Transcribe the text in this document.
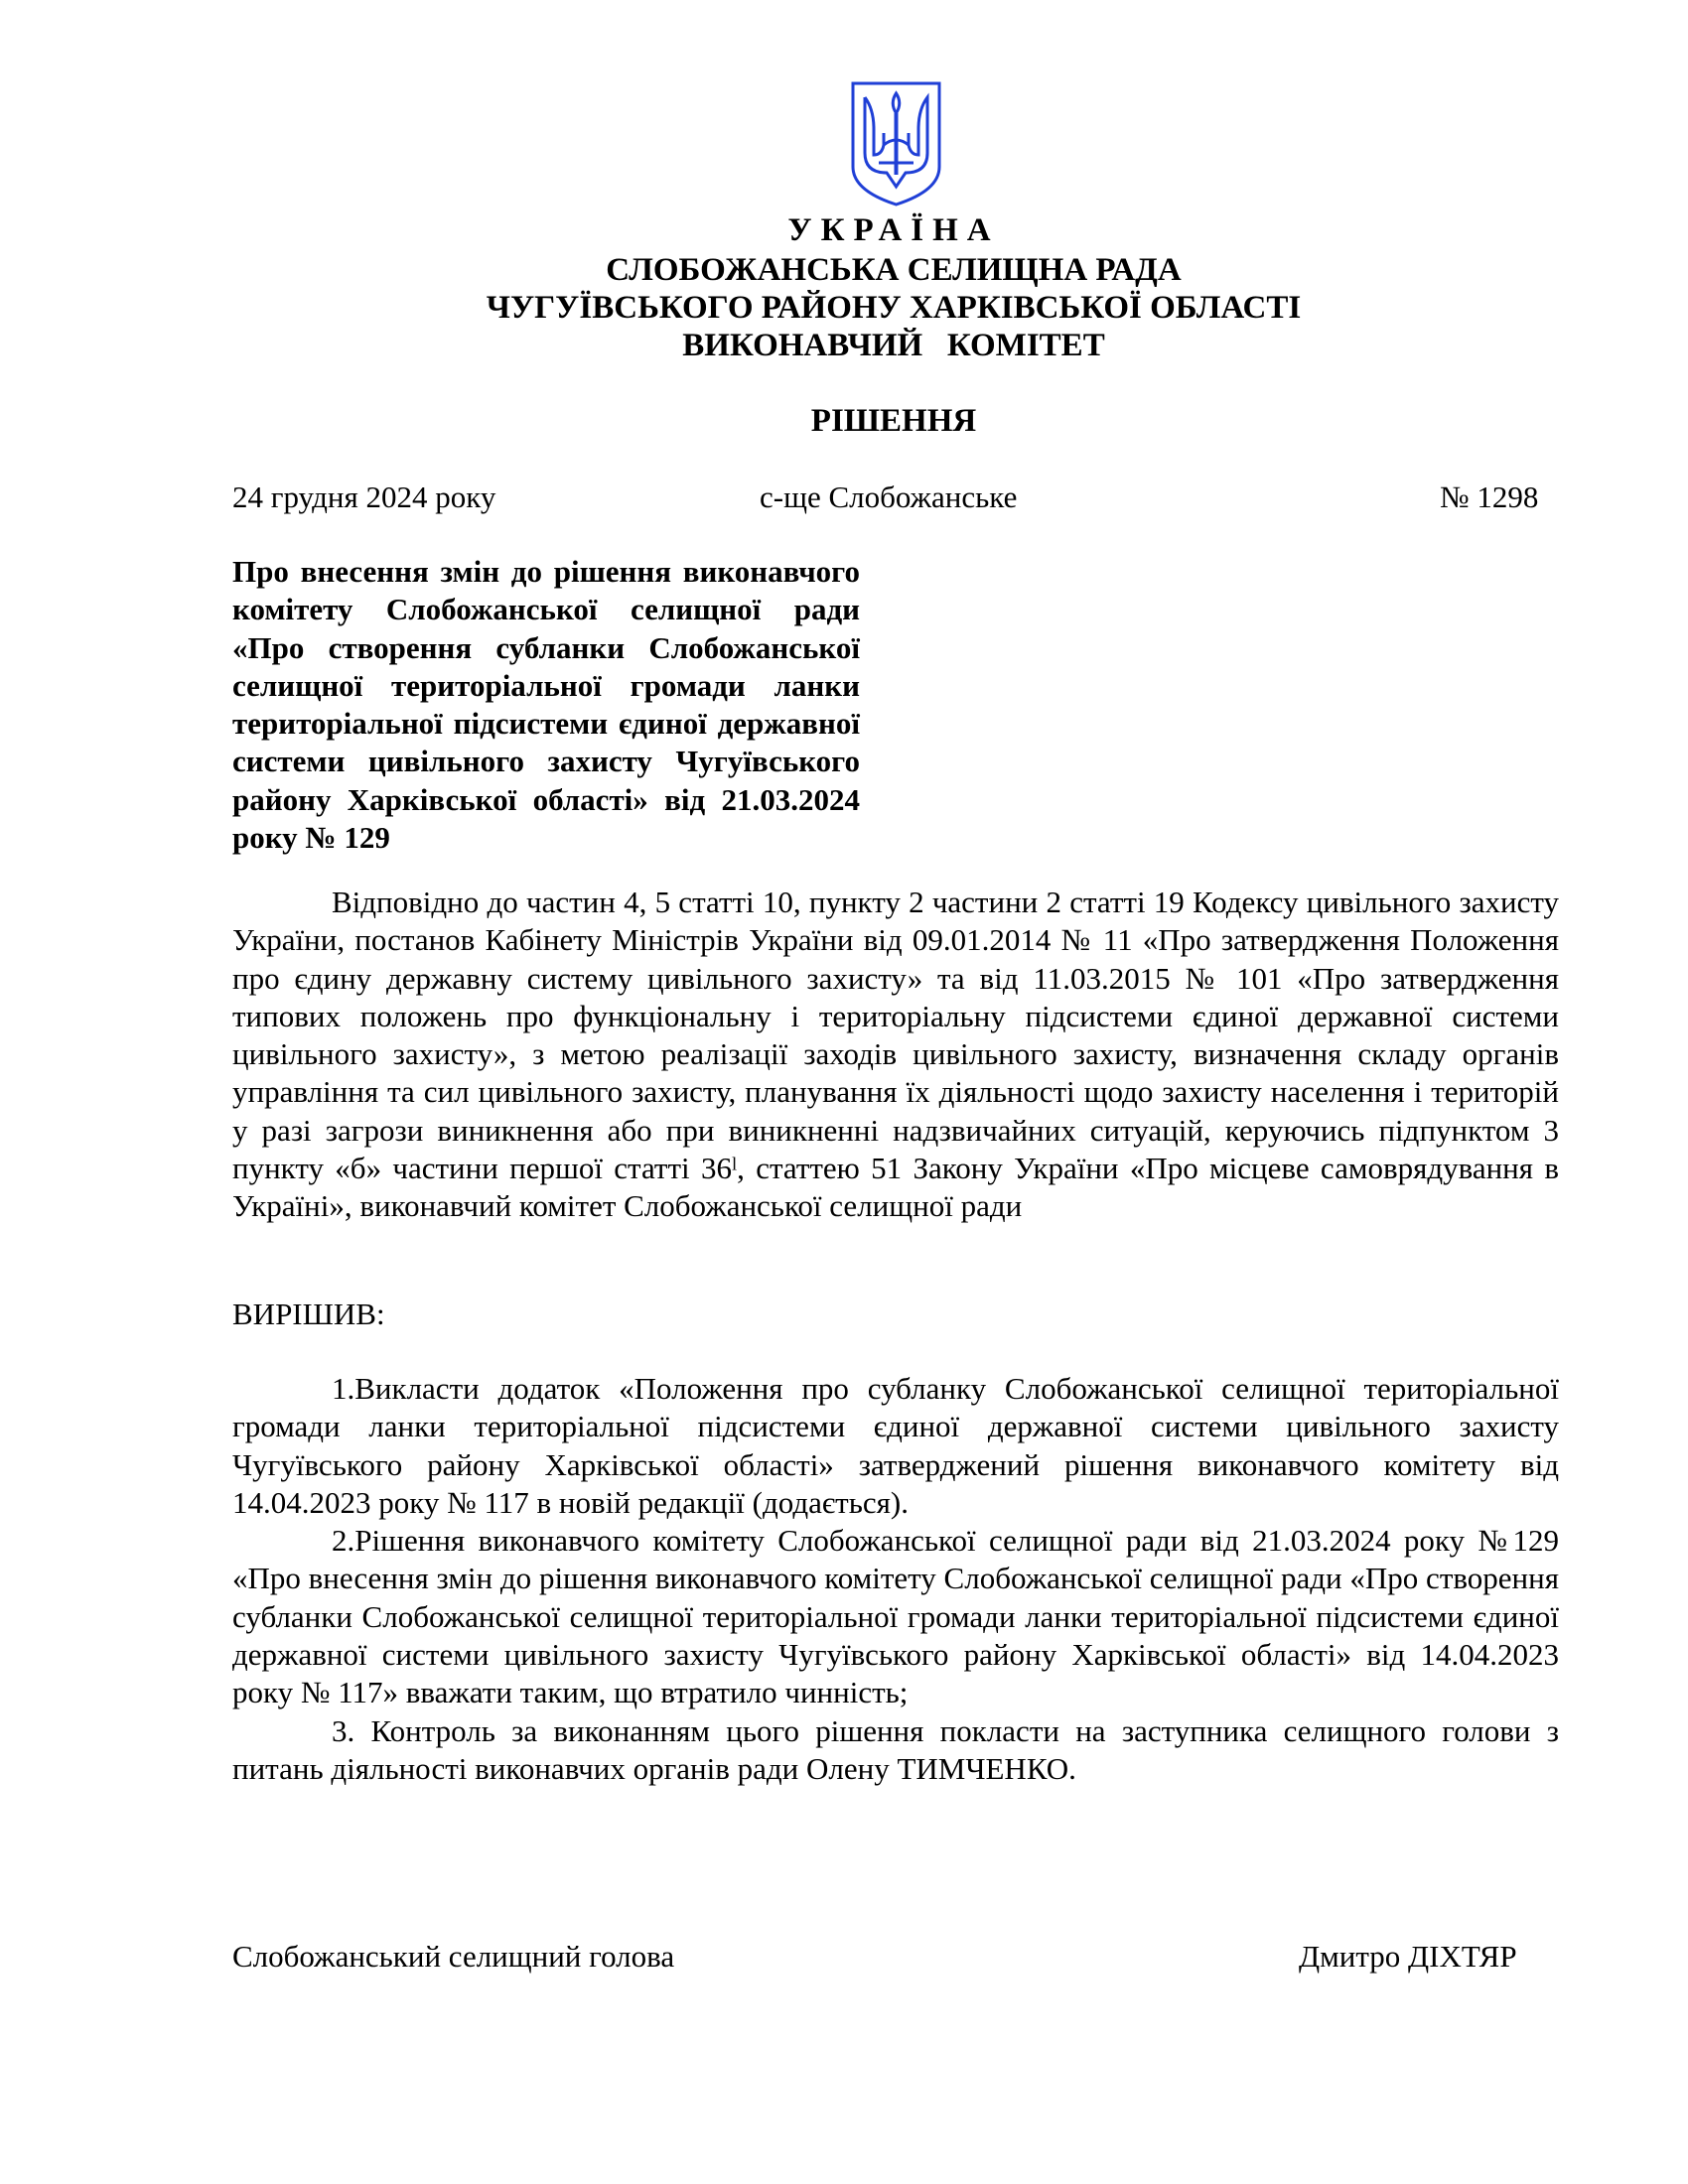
УКРАЇНА
СЛОБОЖАНСЬКА СЕЛИЩНА РАДА
ЧУГУЇВСЬКОГО РАЙОНУ ХАРКІВСЬКОЇ ОБЛАСТІ
ВИКОНАВЧИЙ   КОМІТЕТ
РІШЕННЯ
24 грудня 2024 року	с-ще Слобожанське	№ 1298
Про внесення змін до рішення виконавчого комітету Слобожанської селищної ради «Про створення субланки Слобожанської селищної територіальної громади ланки територіальної підсистеми єдиної державної системи цивільного захисту Чугуївського району Харківської області» від 21.03.2024 року № 129

Відповідно до частин 4, 5 статті 10, пункту 2 частини 2 статті 19 Кодексу цивільного захисту України, постанов Кабінету Міністрів України від 09.01.2014 № 11 «Про затвердження Положення про єдину державну систему цивільного захисту» та від 11.03.2015 № 101 «Про затвердження типових положень про функціональну і територіальну підсистеми єдиної державної системи цивільного захисту», з метою реалізації заходів цивільного захисту, визначення складу органів управління та сил цивільного захисту, планування їх діяльності щодо захисту населення і територій у разі загрози виникнення або при виникненні надзвичайних ситуацій, керуючись підпунктом 3 пункту «б» частини першої статті 36ˡ, статтею 51 Закону України «Про місцеве самоврядування в Україні», виконавчий комітет Слобожанської селищної ради

ВИРІШИВ:

1.Викласти додаток «Положення про субланку Слобожанської селищної територіальної громади ланки територіальної підсистеми єдиної державної системи цивільного захисту Чугуївського району Харківської області» затверджений рішення виконавчого комітету від 14.04.2023 року № 117 в новій редакції (додається).

2.Рішення виконавчого комітету Слобожанської селищної ради від 21.03.2024 року №129 «Про внесення змін до рішення виконавчого комітету Слобожанської селищної ради «Про створення субланки Слобожанської селищної територіальної громади ланки територіальної підсистеми єдиної державної системи цивільного захисту Чугуївського району Харківської області» від 14.04.2023 року № 117» вважати таким, що втратило чинність;

3. Контроль за виконанням цього рішення покласти на заступника селищного голови з питань діяльності виконавчих органів ради Олену ТИМЧЕНКО.

Слобожанський селищний голова	Дмитро ДІХТЯР
